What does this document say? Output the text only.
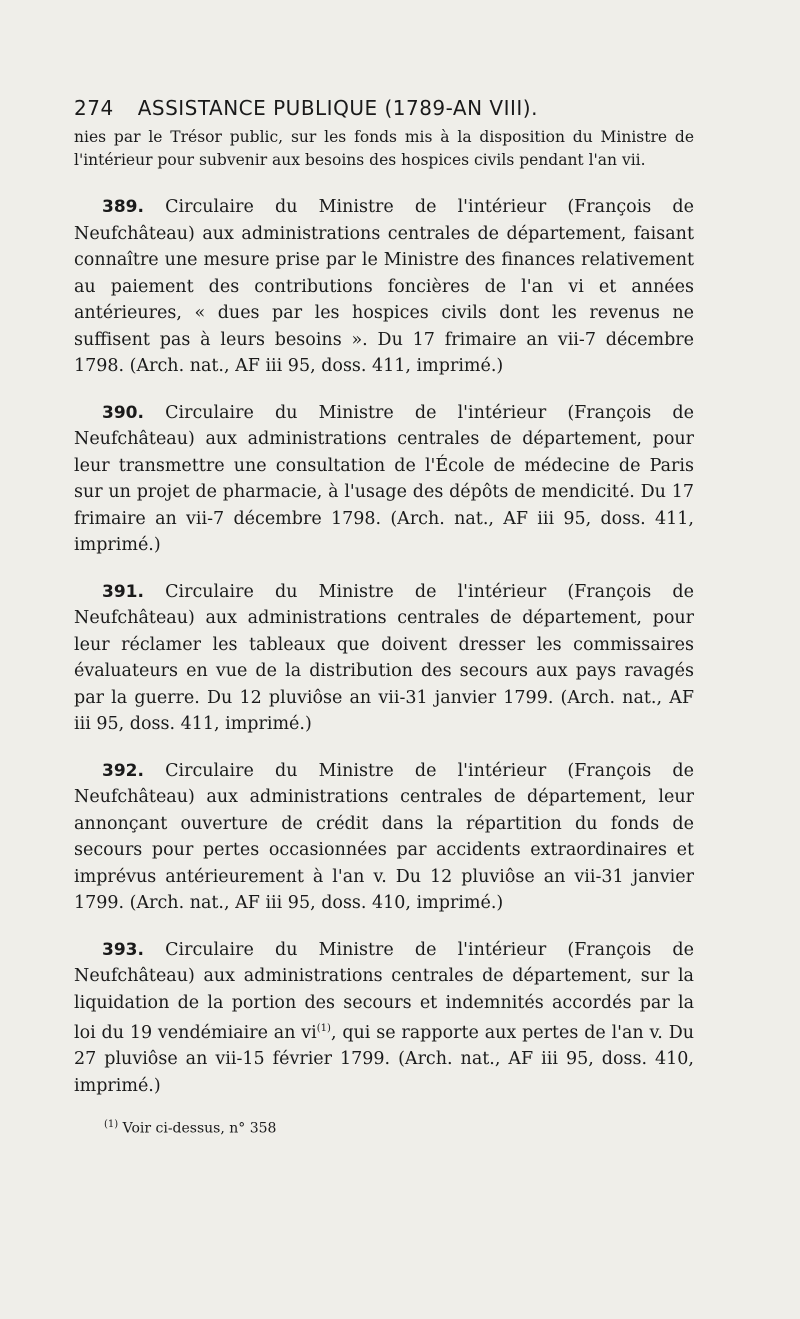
274 ASSISTANCE PUBLIQUE (1789-AN VIII).

nies par le Trésor public, sur les fonds mis à la disposition du Ministre de l'intérieur pour subvenir aux besoins des hospices civils pendant l'an vii.

389. Circulaire du Ministre de l'intérieur (François de Neufchâteau) aux administrations centrales de département, faisant connaître une mesure prise par le Ministre des finances relativement au paiement des contributions foncières de l'an vi et années antérieures, « dues par les hospices civils dont les revenus ne suffisent pas à leurs besoins ». Du 17 frimaire an vii-7 décembre 1798. (Arch. nat., AF iii 95, doss. 411, imprimé.)

390. Circulaire du Ministre de l'intérieur (François de Neufchâteau) aux administrations centrales de département, pour leur transmettre une consultation de l'École de médecine de Paris sur un projet de pharmacie, à l'usage des dépôts de mendicité. Du 17 frimaire an vii-7 décembre 1798. (Arch. nat., AF iii 95, doss. 411, imprimé.)

391. Circulaire du Ministre de l'intérieur (François de Neufchâteau) aux administrations centrales de département, pour leur réclamer les tableaux que doivent dresser les commissaires évaluateurs en vue de la distribution des secours aux pays ravagés par la guerre. Du 12 pluviôse an vii-31 janvier 1799. (Arch. nat., AF iii 95, doss. 411, imprimé.)

392. Circulaire du Ministre de l'intérieur (François de Neufchâteau) aux administrations centrales de département, leur annonçant ouverture de crédit dans la répartition du fonds de secours pour pertes occasionnées par accidents extraordinaires et imprévus antérieurement à l'an v. Du 12 pluviôse an vii-31 janvier 1799. (Arch. nat., AF iii 95, doss. 410, imprimé.)

393. Circulaire du Ministre de l'intérieur (François de Neufchâteau) aux administrations centrales de département, sur la liquidation de la portion des secours et indemnités accordés par la loi du 19 vendémiaire an $vi^{(1)}$, qui se rapporte aux pertes de l'an v. Du 27 pluviôse an vii-15 février 1799. (Arch. nat., AF iii 95, doss. 410, imprimé.)

$^{(1)}$ Voir ci-dessus, n° 358
